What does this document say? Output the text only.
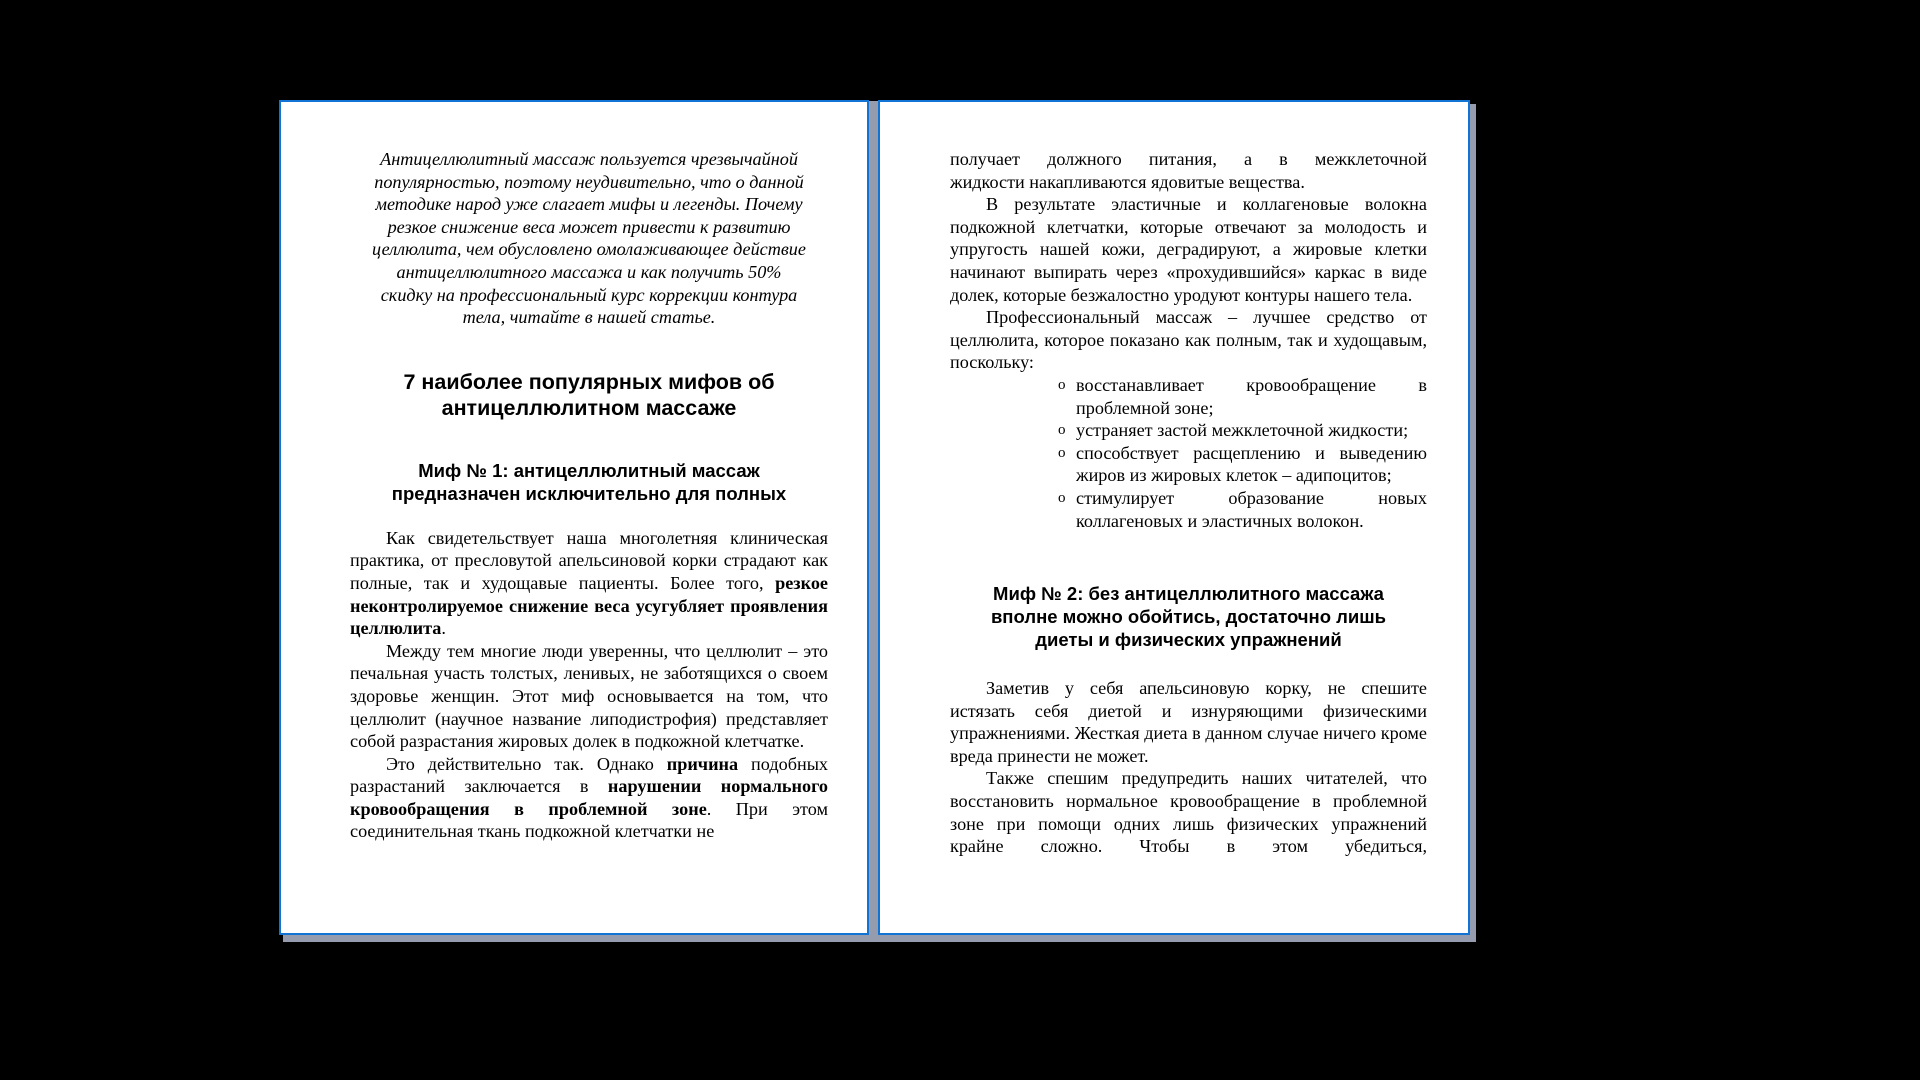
Антицеллюлитный массаж пользуется чрезвычайной
популярностью, поэтому неудивительно, что о данной
методике народ уже слагает мифы и легенды. Почему
резкое снижение веса может привести к развитию
целлюлита, чем обусловлено омолаживающее действие
антицеллюлитного массажа и как получить 50%
скидку на профессиональный курс коррекции контура
тела, читайте в нашей статье.
7 наиболее популярных мифов об
антицеллюлитном массаже
Миф № 1: антицеллюлитный массаж
предназначен исключительно для полных

Как свидетельствует наша многолетняя клиническая практика, от пресловутой апельсиновой корки страдают как полные, так и худощавые пациенты. Более того, резкое неконтролируемое снижение веса усугубляет проявления целлюлита.

Между тем многие люди уверенны, что целлюлит – это печальная участь толстых, ленивых, не заботящихся о своем здоровье женщин. Этот миф основывается на том, что целлюлит (научное название липодистрофия) представляет собой разрастания жировых долек в подкожной клетчатке.

Это действительно так. Однако причина подобных разрастаний заключается в нарушении нормального кровообращения в проблемной зоне. При этом соединительная ткань подкожной клетчатки не

получает должного питания, а в межклеточной
жидкости накапливаются ядовитые вещества.

В результате эластичные и коллагеновые волокна подкожной клетчатки, которые отвечают за молодость и упругость нашей кожи, деградируют, а жировые клетки начинают выпирать через «прохудившийся» каркас в виде долек, которые безжалостно уродуют контуры нашего тела.

Профессиональный массаж – лучшее средство от целлюлита, которое показано как полным, так и худощавым, поскольку:

o восстанавливает кровообращение в проблемной зоне;
o устраняет застой межклеточной жидкости;
o способствует расщеплению и выведению жиров из жировых клеток – адипоцитов;
o стимулирует образование новых коллагеновых и эластичных волокон.
Миф № 2: без антицеллюлитного массажа
вполне можно обойтись, достаточно лишь
диеты и физических упражнений

Заметив у себя апельсиновую корку, не спешите истязать себя диетой и изнуряющими физическими упражнениями. Жесткая диета в данном случае ничего кроме вреда принести не может.

Также спешим предупредить наших читателей, что восстановить нормальное кровообращение в проблемной зоне при помощи одних лишь физических упражнений крайне сложно. Чтобы в этом убедиться,
